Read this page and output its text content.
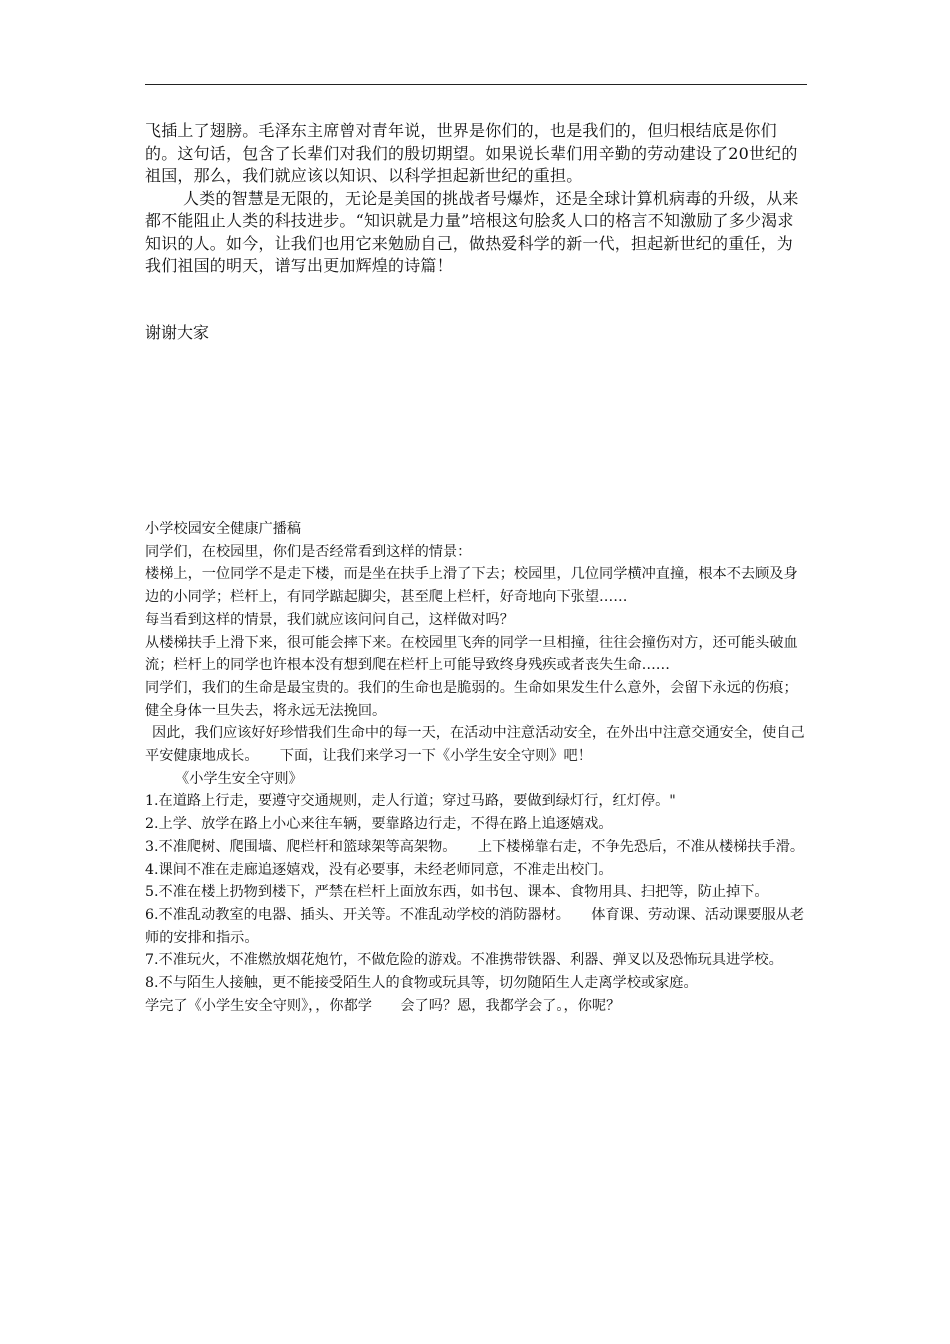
飞插上了翅膀。毛泽东主席曾对青年说，世界是你们的，也是我们的，但归根结底是你们的。这句话，包含了长辈们对我们的殷切期望。如果说长辈们用辛勤的劳动建设了20世纪的祖国，那么，我们就应该以知识、以科学担起新世纪的重担。

人类的智慧是无限的，无论是美国的挑战者号爆炸，还是全球计算机病毒的升级，从来都不能阻止人类的科技进步。“知识就是力量”培根这句脍炙人口的格言不知激励了多少渴求知识的人。如今，让我们也用它来勉励自己，做热爱科学的新一代，担起新世纪的重任，为我们祖国的明天，谱写出更加辉煌的诗篇！

谢谢大家

小学校园安全健康广播稿

同学们，在校园里，你们是否经常看到这样的情景：

楼梯上，一位同学不是走下楼，而是坐在扶手上滑了下去；校园里，几位同学横冲直撞，根本不去顾及身边的小同学；栏杆上，有同学踮起脚尖，甚至爬上栏杆，好奇地向下张望……

每当看到这样的情景，我们就应该问问自己，这样做对吗？

从楼梯扶手上滑下来，很可能会摔下来。在校园里飞奔的同学一旦相撞，往往会撞伤对方，还可能头破血流；栏杆上的同学也许根本没有想到爬在栏杆上可能导致终身残疾或者丧失生命……

同学们，我们的生命是最宝贵的。我们的生命也是脆弱的。生命如果发生什么意外，会留下永远的伤痕；健全身体一旦失去，将永远无法挽回。

因此，我们应该好好珍惜我们生命中的每一天，在活动中注意活动安全，在外出中注意交通安全，使自己平安健康地成长。　　下面，让我们来学习一下《小学生安全守则》吧！

《小学生安全守则》

1.在道路上行走，要遵守交通规则，走人行道；穿过马路，要做到绿灯行，红灯停。"

2.上学、放学在路上小心来往车辆，要靠路边行走，不得在路上追逐嬉戏。

3.不准爬树、爬围墙、爬栏杆和篮球架等高架物。　　上下楼梯靠右走，不争先恐后，不准从楼梯扶手滑。

4.课间不准在走廊追逐嬉戏，没有必要事，未经老师同意，不准走出校门。

5.不准在楼上扔物到楼下，严禁在栏杆上面放东西，如书包、课本、食物用具、扫把等，防止掉下。

6.不准乱动教室的电器、插头、开关等。不准乱动学校的消防器材。　　体育课、劳动课、活动课要服从老师的安排和指示。

7.不准玩火，不准燃放烟花炮竹，不做危险的游戏。不准携带铁器、利器、弹叉以及恐怖玩具进学校。

8.不与陌生人接触，更不能接受陌生人的食物或玩具等，切勿随陌生人走离学校或家庭。

学完了《小学生安全守则》，，你都学　　会了吗？恩，我都学会了。，你呢？
